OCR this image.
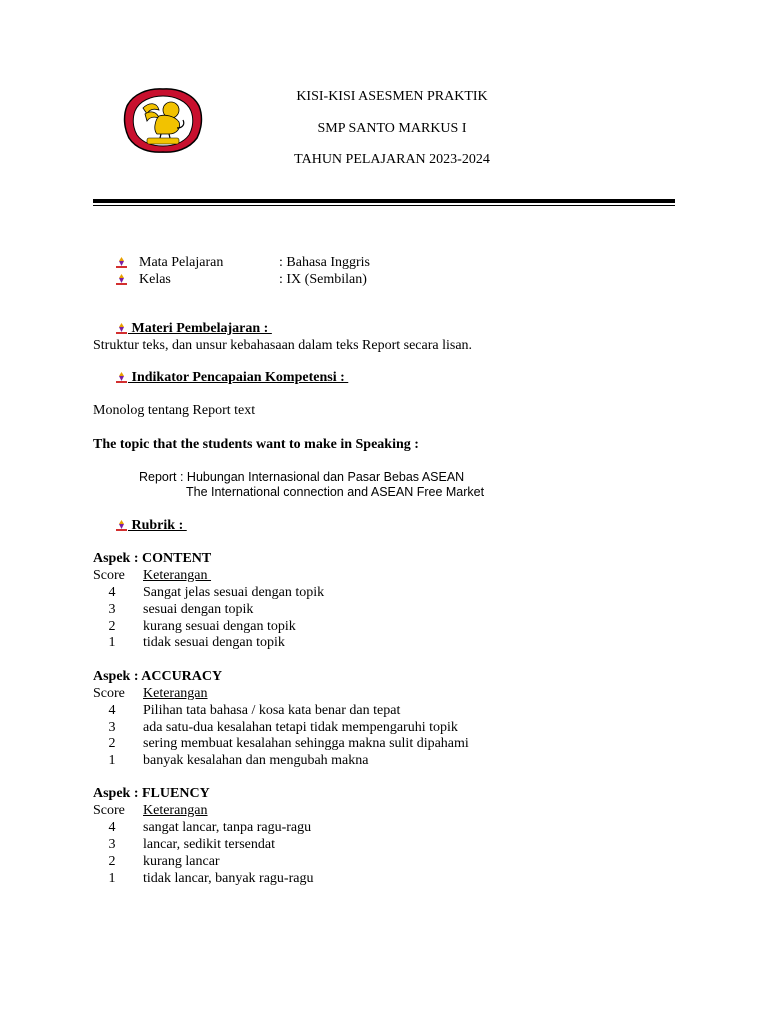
KISI-KISI ASESMEN PRAKTIK
SMP SANTO MARKUS I
TAHUN PELAJARAN 2023-2024
Mata Pelajaran	: Bahasa Inggris
Kelas	: IX (Sembilan)
Materi Pembelajaran :
Struktur teks, dan unsur kebahasaan dalam teks Report secara lisan.
Indikator Pencapaian Kompetensi :
Monolog tentang Report text
The topic that the students want to make in Speaking :
Report : Hubungan Internasional dan Pasar Bebas ASEAN
The International connection and ASEAN Free Market
Rubrik :
Aspek : CONTENT
Score Keterangan
4	Sangat jelas sesuai dengan topik
3	sesuai dengan topik
2	kurang sesuai dengan topik
1	tidak sesuai dengan topik
Aspek : ACCURACY
Score Keterangan
4	Pilihan tata bahasa / kosa kata benar dan tepat
3	ada satu-dua kesalahan tetapi tidak mempengaruhi topik
2	sering membuat kesalahan sehingga makna sulit dipahami
1	banyak kesalahan dan mengubah makna
Aspek : FLUENCY
Score Keterangan
4	sangat lancar, tanpa ragu-ragu
3	lancar, sedikit tersendat
2	kurang lancar
1	tidak lancar, banyak ragu-ragu
